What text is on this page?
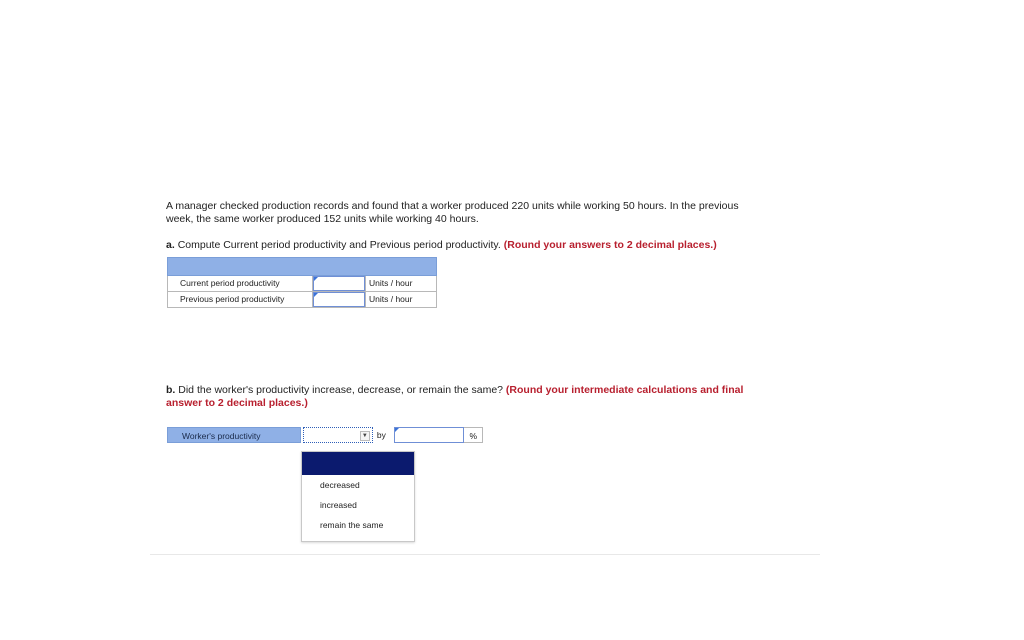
A manager checked production records and found that a worker produced 220 units while working 50 hours. In the previous week, the same worker produced 152 units while working 40 hours.
a. Compute Current period productivity and Previous period productivity. (Round your answers to 2 decimal places.)
Current period productivity	Units / hour
Previous period productivity	Units / hour
b. Did the worker's productivity increase, decrease, or remain the same? (Round your intermediate calculations and final answer to 2 decimal places.)
Worker's productivity	▼	by	%
decreased
increased
remain the same
